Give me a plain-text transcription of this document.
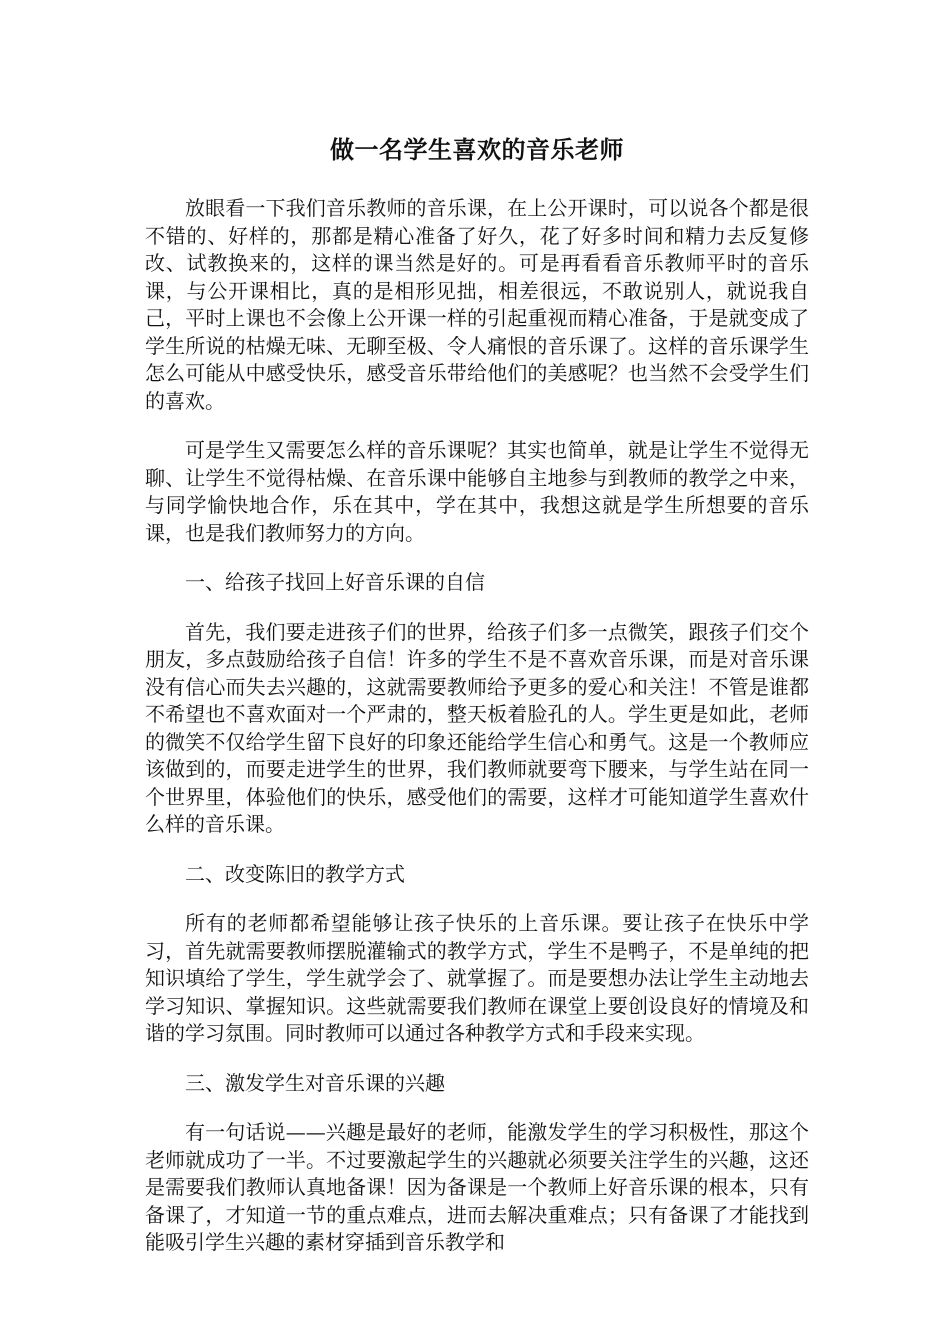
做一名学生喜欢的音乐老师

放眼看一下我们音乐教师的音乐课，在上公开课时，可以说各个都是很不错的、好样的，那都是精心准备了好久，花了好多时间和精力去反复修改、试教换来的，这样的课当然是好的。可是再看看音乐教师平时的音乐课，与公开课相比，真的是相形见拙，相差很远，不敢说别人，就说我自己，平时上课也不会像上公开课一样的引起重视而精心准备，于是就变成了学生所说的枯燥无味、无聊至极、令人痛恨的音乐课了。这样的音乐课学生怎么可能从中感受快乐，感受音乐带给他们的美感呢？也当然不会受学生们的喜欢。

可是学生又需要怎么样的音乐课呢？其实也简单，就是让学生不觉得无聊、让学生不觉得枯燥、在音乐课中能够自主地参与到教师的教学之中来，与同学愉快地合作，乐在其中，学在其中，我想这就是学生所想要的音乐课，也是我们教师努力的方向。

一、给孩子找回上好音乐课的自信

首先，我们要走进孩子们的世界，给孩子们多一点微笑，跟孩子们交个朋友，多点鼓励给孩子自信！许多的学生不是不喜欢音乐课，而是对音乐课没有信心而失去兴趣的，这就需要教师给予更多的爱心和关注！不管是谁都不希望也不喜欢面对一个严肃的，整天板着脸孔的人。学生更是如此，老师的微笑不仅给学生留下良好的印象还能给学生信心和勇气。这是一个教师应该做到的，而要走进学生的世界，我们教师就要弯下腰来，与学生站在同一个世界里，体验他们的快乐，感受他们的需要，这样才可能知道学生喜欢什么样的音乐课。

二、改变陈旧的教学方式

所有的老师都希望能够让孩子快乐的上音乐课。要让孩子在快乐中学习，首先就需要教师摆脱灌输式的教学方式，学生不是鸭子，不是单纯的把知识填给了学生，学生就学会了、就掌握了。而是要想办法让学生主动地去学习知识、掌握知识。这些就需要我们教师在课堂上要创设良好的情境及和谐的学习氛围。同时教师可以通过各种教学方式和手段来实现。

三、激发学生对音乐课的兴趣

有一句话说——兴趣是最好的老师，能激发学生的学习积极性，那这个老师就成功了一半。不过要激起学生的兴趣就必须要关注学生的兴趣，这还是需要我们教师认真地备课！因为备课是一个教师上好音乐课的根本，只有备课了，才知道一节的重点难点，进而去解决重难点；只有备课了才能找到能吸引学生兴趣的素材穿插到音乐教学和
